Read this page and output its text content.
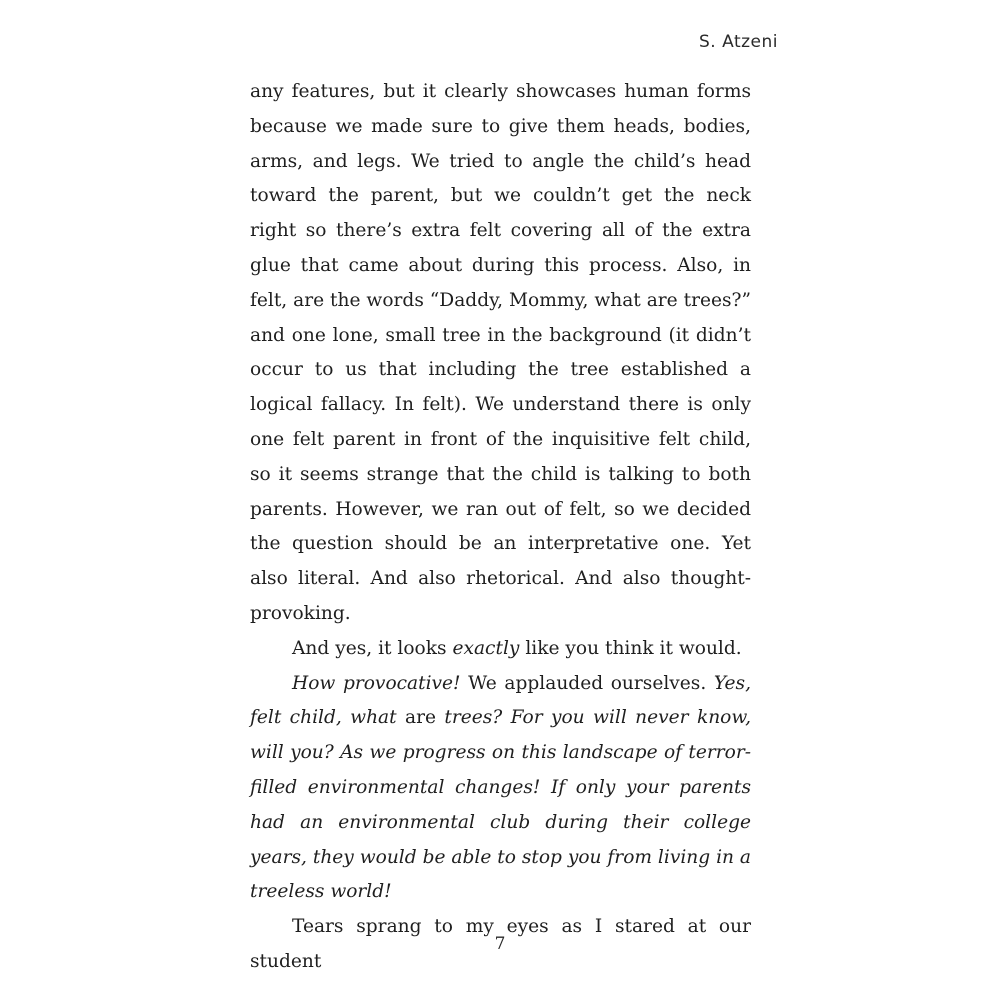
S. Atzeni

any features, but it clearly showcases human forms because we made sure to give them heads, bodies, arms, and legs. We tried to angle the child’s head toward the parent, but we couldn’t get the neck right so there’s extra felt covering all of the extra glue that came about during this process. Also, in felt, are the words “Daddy, Mommy, what are trees?” and one lone, small tree in the background (it didn’t occur to us that including the tree established a logical fallacy. In felt). We understand there is only one felt parent in front of the inquisitive felt child, so it seems strange that the child is talking to both parents. However, we ran out of felt, so we decided the question should be an interpretative one. Yet also literal. And also rhetorical. And also thought-provoking.

And yes, it looks exactly like you think it would.

How provocative! We applauded ourselves. Yes, felt child, what are trees? For you will never know, will you? As we progress on this landscape of terror-filled environmental changes! If only your parents had an environmental club during their college years, they would be able to stop you from living in a treeless world!

Tears sprang to my eyes as I stared at our student

7
